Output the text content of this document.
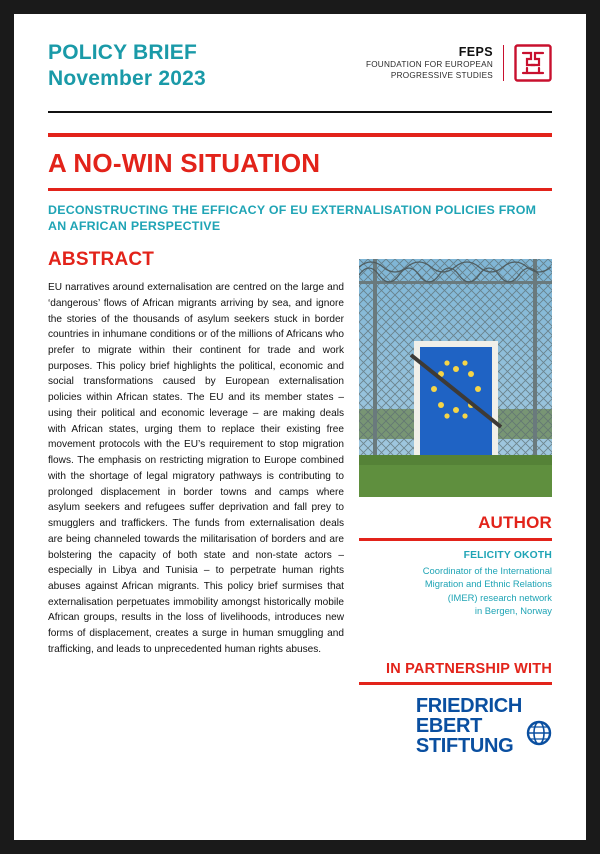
POLICY BRIEF
November 2023
FEPS
FOUNDATION FOR EUROPEAN
PROGRESSIVE STUDIES
A NO-WIN SITUATION
DECONSTRUCTING THE EFFICACY OF EU EXTERNALISATION POLICIES FROM AN AFRICAN PERSPECTIVE
ABSTRACT
EU narratives around externalisation are centred on the large and ‘dangerous’ flows of African migrants arriving by sea, and ignore the stories of the thousands of asylum seekers stuck in border countries in inhumane conditions or of the millions of Africans who prefer to migrate within their continent for trade and work purposes. This policy brief highlights the political, economic and social transformations caused by European externalisation policies within African states. The EU and its member states – using their political and economic leverage – are making deals with African states, urging them to replace their existing free movement protocols with the EU’s requirement to stop migration flows. The emphasis on restricting migration to Europe combined with the shortage of legal migratory pathways is contributing to prolonged displacement in border towns and camps where asylum seekers and refugees suffer deprivation and fall prey to smugglers and traffickers. The funds from externalisation deals are being channeled towards the militarisation of borders and are bolstering the capacity of both state and non-state actors – especially in Libya and Tunisia – to perpetrate human rights abuses against African migrants. This policy brief surmises that externalisation perpetuates immobility amongst historically mobile African groups, results in the loss of livelihoods, introduces new forms of displacement, creates a surge in human smuggling and trafficking, and leads to unprecedented human rights abuses.
AUTHOR
FELICITY OKOTH
Coordinator of the International
Migration and Ethnic Relations
(IMER) research network
in Bergen, Norway
IN PARTNERSHIP WITH
FRIEDRICH
EBERT
STIFTUNG
